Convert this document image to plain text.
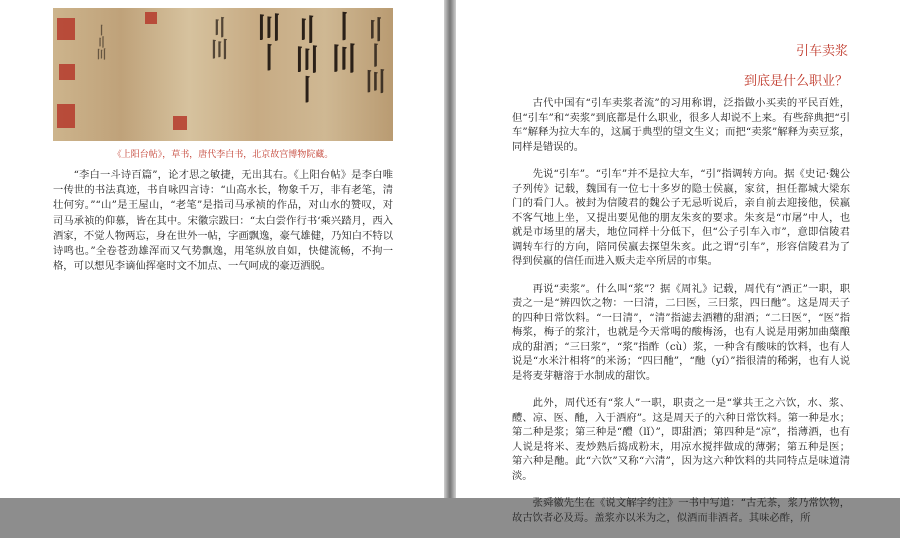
〡〢〣	〢〣 〣〡 〢〣〡 〡〣
〢〡〣
《上阳台帖》，草书，唐代李白书，北京故宫博物院藏。

“李白一斗诗百篇”，论才思之敏捷，无出其右。《上阳台帖》是李白唯一传世的书法真迹，书自咏四言诗：“山高水长，物象千万，非有老笔，清壮何穷。”“山”是王屋山，“老笔”是指司马承祯的作品，对山水的赞叹，对司马承祯的仰慕，皆在其中。宋徽宗跋曰：“太白尝作行书‘乘兴踏月，西入酒家，不觉人物两忘，身在世外一帖，字画飘逸，豪气雄健，乃知白不特以诗鸣也。”全卷苍劲雄浑而又气势飘逸，用笔纵放自如，快健流畅，不拘一格，可以想见李谪仙挥毫时文不加点、一气呵成的豪迈洒脱。

引车卖浆
到底是什么职业？

古代中国有“引车卖浆者流”的习用称谓，泛指做小买卖的平民百姓，但“引车”和“卖浆”到底都是什么职业，很多人却说不上来。有些辞典把“引车”解释为拉大车的，这属于典型的望文生义；而把“卖浆”解释为卖豆浆，同样是错误的。

先说“引车”。“引车”并不是拉大车，“引”指调转方向。据《史记·魏公子列传》记载，魏国有一位七十多岁的隐士侯嬴，家贫，担任都城大梁东门的看门人。被封为信陵君的魏公子无忌听说后，亲自前去迎接他，侯嬴不客气地上坐，又提出要见他的朋友朱亥的要求。朱亥是“市屠”中人，也就是市场里的屠夫，地位同样十分低下，但“公子引车入市”，意即信陵君调转车行的方向，陪同侯嬴去探望朱亥。此之谓“引车”，形容信陵君为了得到侯嬴的信任而进入贩夫走卒所居的市集。

再说“卖浆”。什么叫“浆”？据《周礼》记载，周代有“酒正”一职，职责之一是“辨四饮之物：一曰清，二曰医，三曰浆，四曰酏”。这是周天子的四种日常饮料。“一曰清”，“清”指滤去酒糟的甜酒；“二曰医”，“医”指梅浆，梅子的浆汁，也就是今天常喝的酸梅汤，也有人说是用粥加曲蘖酿成的甜酒；“三曰浆”，“浆”指酢（cù）浆，一种含有酸味的饮料，也有人说是“水米汁相将”的米汤；“四曰酏”，“酏（yí）”指很清的稀粥，也有人说是将麦芽糖溶于水制成的甜饮。

此外，周代还有“浆人”一职，职责之一是“掌共王之六饮，水、浆、醴、凉、医、酏，入于酒府”。这是周天子的六种日常饮料。第一种是水；第二种是浆；第三种是“醴（lǐ）”，即甜酒；第四种是“凉”，指薄酒，也有人说是将米、麦炒熟后捣成粉末，用凉水搅拌做成的薄粥；第五种是医；第六种是酏。此“六饮”又称“六清”，因为这六种饮料的共同特点是味道清淡。

张舜徽先生在《说文解字约注》一书中写道：“古无茶，浆乃常饮物，故古饮者必及焉。盖浆亦以米为之，似酒而非酒者。其味必酢，所
